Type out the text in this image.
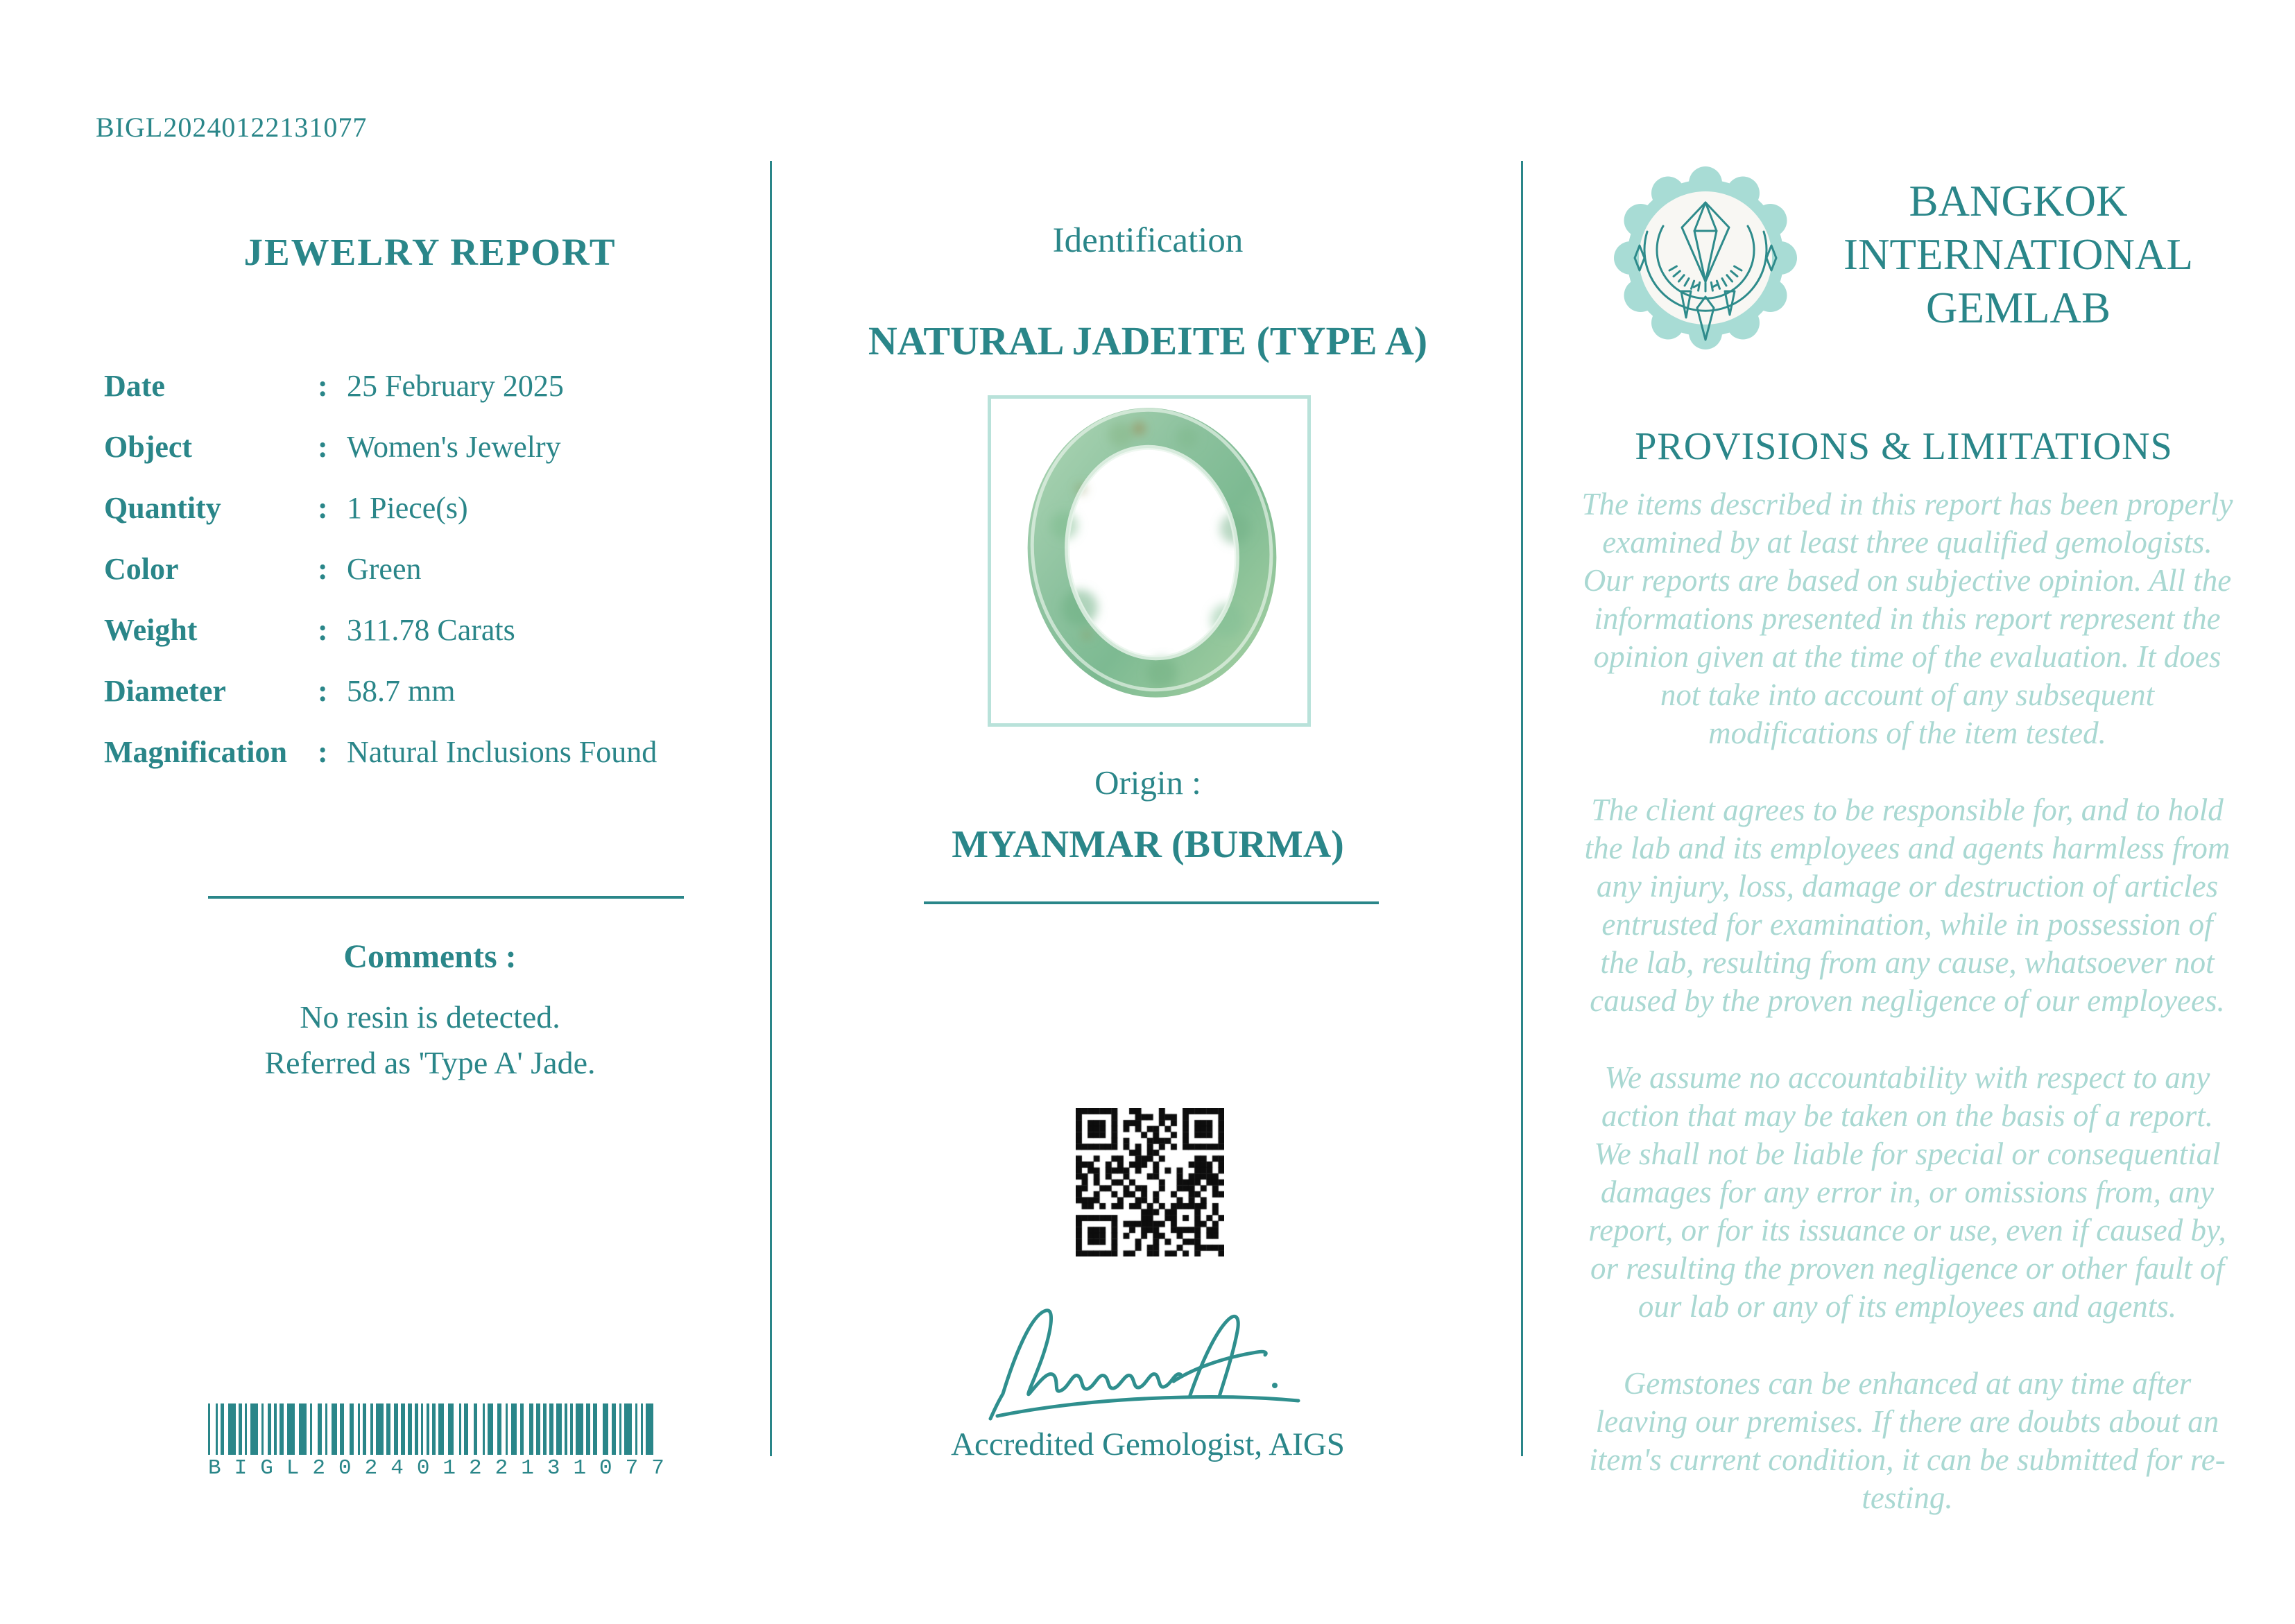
BIGL20240122131077
JEWELRY REPORT
Date	: 25 February 2025
Object	: Women's Jewelry
Quantity	: 1 Piece(s)
Color	: Green
Weight	: 311.78 Carats
Diameter	: 58.7 mm
Magnification	: Natural Inclusions Found
Comments :
No resin is detected.
Referred as 'Type A' Jade.
BIGL20240122131077
Identification
NATURAL JADEITE (TYPE A)
Origin :
MYANMAR (BURMA)
Accredited Gemologist, AIGS
BANGKOK
INTERNATIONAL
GEMLAB
PROVISIONS & LIMITATIONS

The items described in this report has been properly examined by at least three qualified gemologists. Our reports are based on subjective opinion. All the informations presented in this report represent the opinion given at the time of the evaluation. It does not take into account of any subsequent modifications of the item tested.

The client agrees to be responsible for, and to hold the lab and its employees and agents harmless from any injury, loss, damage or destruction of articles entrusted for examination, while in possession of the lab, resulting from any cause, whatsoever not caused by the proven negligence of our employees.

We assume no accountability with respect to any action that may be taken on the basis of a report. We shall not be liable for special or consequential damages for any error in, or omissions from, any report, or for its issuance or use, even if caused by, or resulting the proven negligence or other fault of our lab or any of its employees and agents.

Gemstones can be enhanced at any time after leaving our premises. If there are doubts about an item's current condition, it can be submitted for re-testing.
